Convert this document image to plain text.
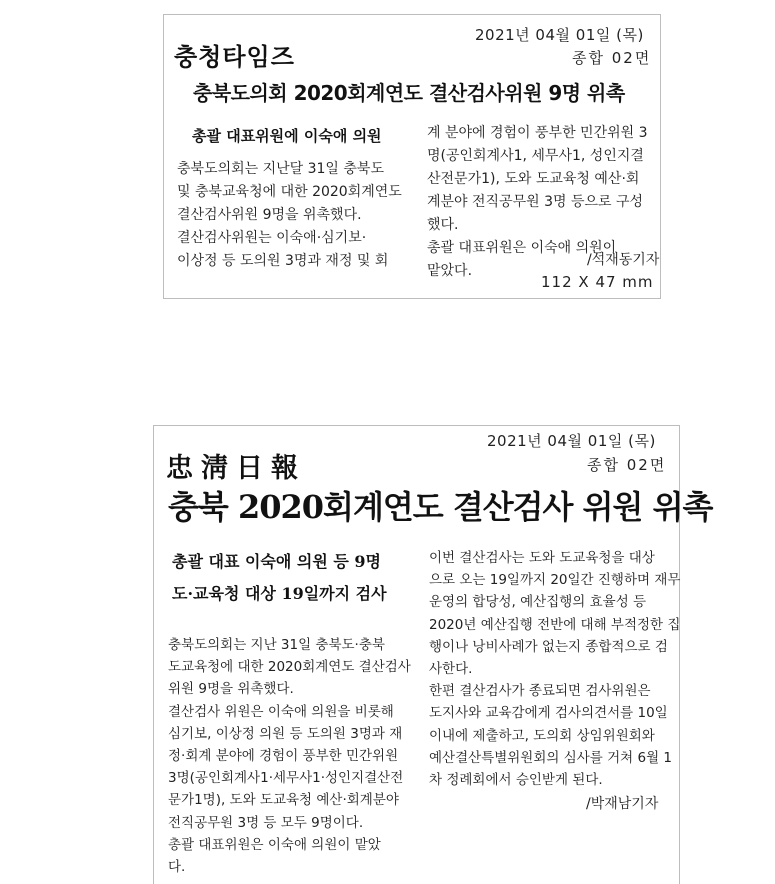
2021년 04월 01일 (목)
종합 02면
충청타임즈
충북도의회 2020회계연도 결산검사위원 9명 위촉
총괄 대표위원에 이숙애 의원
충북도의회는 지난달 31일 충북도
및 충북교육청에 대한 2020회계연도
결산검사위원 9명을 위촉했다.
결산검사위원는 이숙애·심기보·
이상정 등 도의원 3명과 재정 및 회
계 분야에 경험이 풍부한 민간위원 3
명(공인회계사1, 세무사1, 성인지결
산전문가1), 도와 도교육청 예산·회
계분야 전직공무원 3명 등으로 구성
했다.
총괄 대표위원은 이숙애 의원이
맡았다.
/석재동기자
112 X 47 mm
2021년 04월 01일 (목)
종합 02면
忠淸日報
충북 2020회계연도 결산검사 위원 위촉
총괄 대표 이숙애 의원 등 9명
도·교육청 대상 19일까지 검사
충북도의회는 지난 31일 충북도·충북
도교육청에 대한 2020회계연도 결산검사
위원 9명을 위촉했다.
결산검사 위원은 이숙애 의원을 비롯해
심기보, 이상정 의원 등 도의원 3명과 재
정·회계 분야에 경험이 풍부한 민간위원
3명(공인회계사1·세무사1·성인지결산전
문가1명), 도와 도교육청 예산·회계분야
전직공무원 3명 등 모두 9명이다.
총괄 대표위원은 이숙애 의원이 맡았
다.
이번 결산검사는 도와 도교육청을 대상
으로 오는 19일까지 20일간 진행하며 재무
운영의 합당성, 예산집행의 효율성 등
2020년 예산집행 전반에 대해 부적정한 집
행이나 낭비사례가 없는지 종합적으로 검
사한다.
한편 결산검사가 종료되면 검사위원은
도지사와 교육감에게 검사의견서를 10일
이내에 제출하고, 도의회 상임위원회와
예산결산특별위원회의 심사를 거쳐 6월 1
차 정례회에서 승인받게 된다.
/박재남기자
